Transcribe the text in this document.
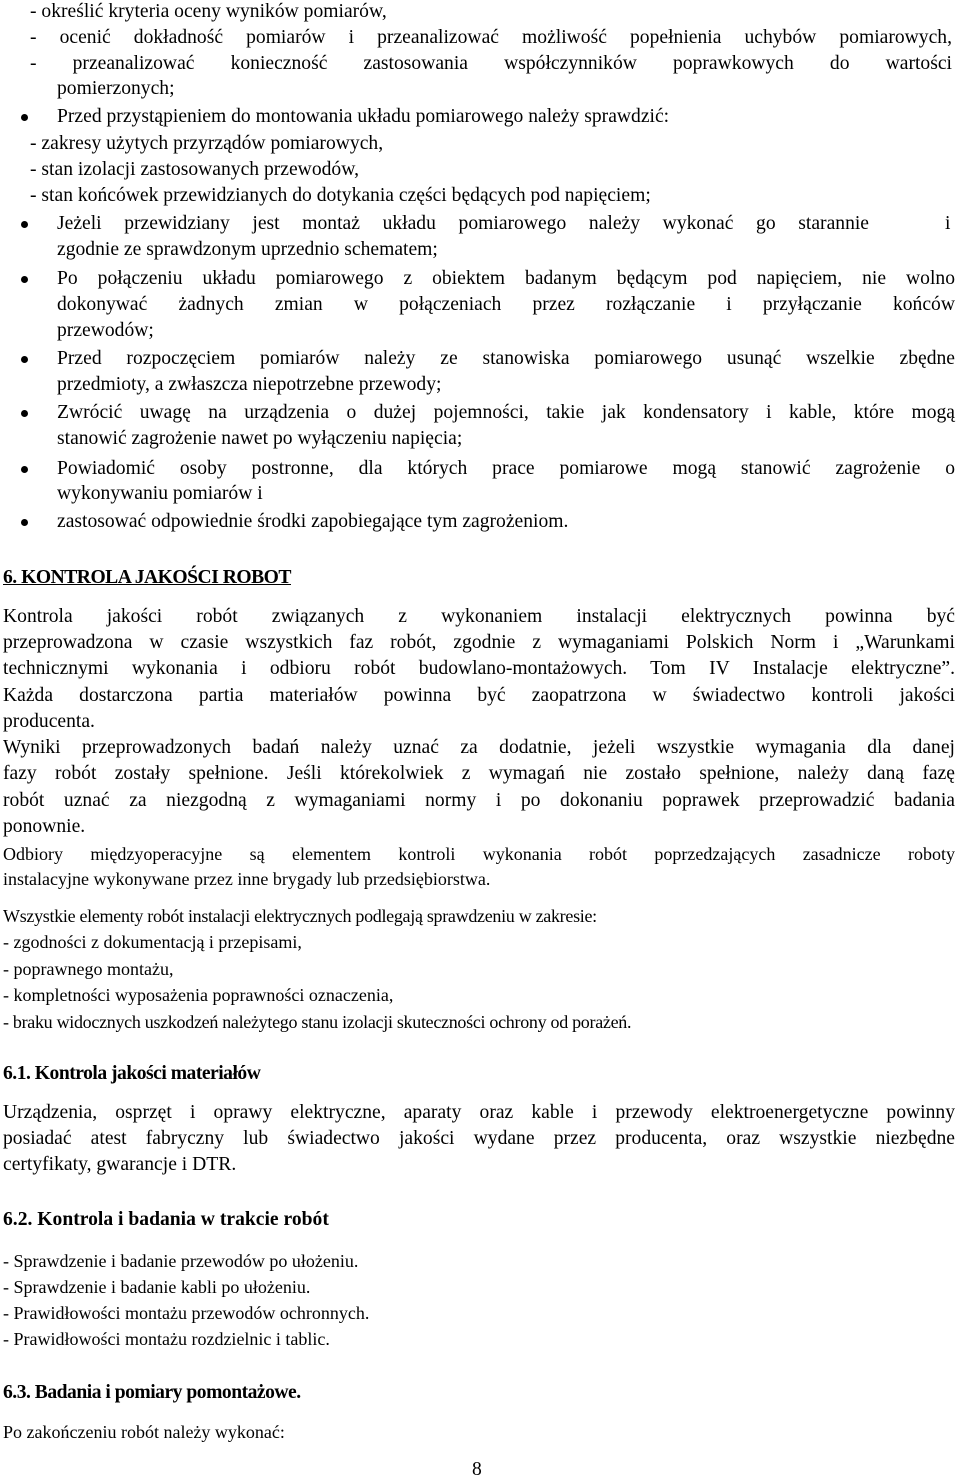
- określić kryteria oceny wyników pomiarów,
- ocenić dokładność pomiarów i przeanalizować możliwość popełnienia uchybów pomiarowych,
- przeanalizować konieczność zastosowania współczynników poprawkowych do wartości
pomierzonych;
Przed przystąpieniem do montowania układu pomiarowego należy sprawdzić:
- zakresy użytych przyrządów pomiarowych,
- stan izolacji zastosowanych przewodów,
- stan końcówek przewidzianych do dotykania części będących pod napięciem;
Jeżeli przewidziany jest montaż układu pomiarowego należy wykonać go starannie	i
zgodnie ze sprawdzonym uprzednio schematem;
Po połączeniu układu pomiarowego z obiektem badanym będącym pod napięciem, nie wolno
dokonywać żadnych zmian w połączeniach przez rozłączanie i przyłączanie końców
przewodów;
Przed rozpoczęciem pomiarów należy ze stanowiska pomiarowego usunąć wszelkie zbędne
przedmioty, a zwłaszcza niepotrzebne przewody;
Zwrócić uwagę na urządzenia o dużej pojemności, takie jak kondensatory i kable, które mogą
stanowić zagrożenie nawet po wyłączeniu napięcia;
Powiadomić osoby postronne, dla których prace pomiarowe mogą stanowić zagrożenie o
wykonywaniu pomiarów i
zastosować odpowiednie środki zapobiegające tym zagrożeniom.
6. KONTROLA JAKOŚCI ROBOT
Kontrola jakości robót związanych z wykonaniem instalacji elektrycznych powinna być
przeprowadzona w czasie wszystkich faz robót, zgodnie z wymaganiami Polskich Norm i „Warunkami
technicznymi wykonania i odbioru robót budowlano-montażowych. Tom IV Instalacje elektryczne”.
Każda dostarczona partia materiałów powinna być zaopatrzona w świadectwo kontroli jakości
producenta.
Wyniki przeprowadzonych badań należy uznać za dodatnie, jeżeli wszystkie wymagania dla danej
fazy robót zostały spełnione. Jeśli którekolwiek z wymagań nie zostało spełnione, należy daną fazę
robót uznać za niezgodną z wymaganiami normy i po dokonaniu poprawek przeprowadzić badania
ponownie.
Odbiory międzyoperacyjne są elementem kontroli wykonania robót poprzedzających zasadnicze roboty
instalacyjne wykonywane przez inne brygady lub przedsiębiorstwa.
Wszystkie elementy robót instalacji elektrycznych podlegają sprawdzeniu w zakresie:
- zgodności z dokumentacją i przepisami,
- poprawnego montażu,
- kompletności wyposażenia poprawności oznaczenia,
- braku widocznych uszkodzeń należytego stanu izolacji skuteczności ochrony od porażeń.
6.1. Kontrola jakości materiałów
Urządzenia, osprzęt i oprawy elektryczne, aparaty oraz kable i przewody elektroenergetyczne powinny
posiadać atest fabryczny lub świadectwo jakości wydane przez producenta, oraz wszystkie niezbędne
certyfikaty, gwarancje i DTR.
6.2. Kontrola i badania w trakcie robót
- Sprawdzenie i badanie przewodów po ułożeniu.
- Sprawdzenie i badanie kabli po ułożeniu.
- Prawidłowości montażu przewodów ochronnych.
- Prawidłowości montażu rozdzielnic i tablic.
6.3. Badania i pomiary pomontażowe.
Po zakończeniu robót należy wykonać:
8
